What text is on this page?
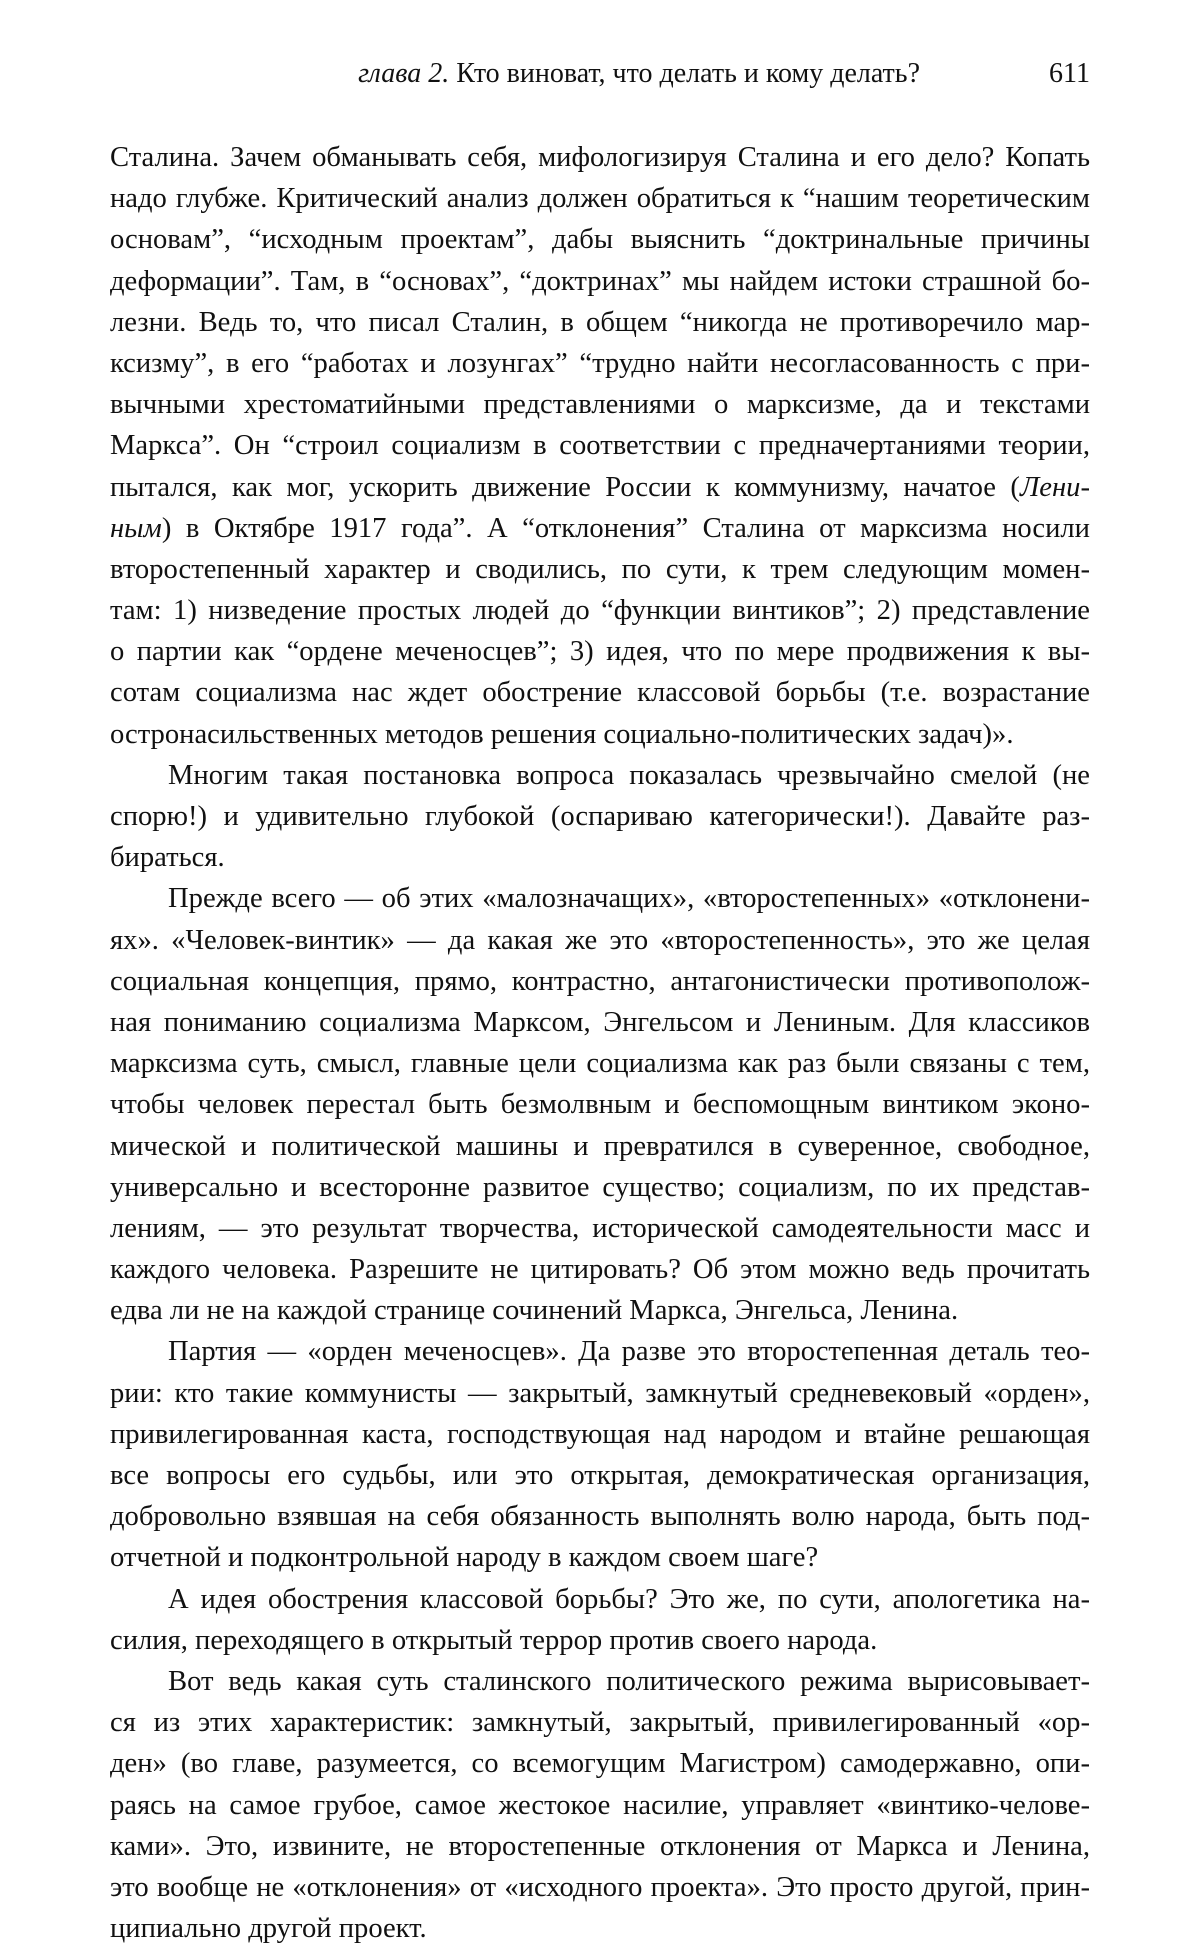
глава 2. Кто виноват, что делать и кому делать?	611
Сталина. Зачем обманывать себя, мифологизируя Сталина и его дело? Копать
надо глубже. Критический анализ должен обратиться к “нашим теоретическим
основам”, “исходным проектам”, дабы выяснить “доктринальные причины
деформации”. Там, в “основах”, “доктринах” мы найдем истоки страшной бо-
лезни. Ведь то, что писал Сталин, в общем “никогда не противоречило мар-
ксизму”, в его “работах и лозунгах” “трудно найти несогласованность с при-
вычными хрестоматийными представлениями о марксизме, да и текстами
Маркса”. Он “строил социализм в соответствии с предначертаниями теории,
пытался, как мог, ускорить движение России к коммунизму, начатое (Лени-
ным) в Октябре 1917 года”. А “отклонения” Сталина от марксизма носили
второстепенный характер и сводились, по сути, к трем следующим момен-
там: 1) низведение простых людей до “функции винтиков”; 2) представление
о партии как “ордене меченосцев”; 3) идея, что по мере продвижения к вы-
сотам социализма нас ждет обострение классовой борьбы (т.е. возрастание
остронасильственных методов решения социально-политических задач)».
Многим такая постановка вопроса показалась чрезвычайно смелой (не
спорю!) и удивительно глубокой (оспариваю категорически!). Давайте раз-
бираться.
Прежде всего — об этих «малозначащих», «второстепенных» «отклонени-
ях». «Человек-винтик» — да какая же это «второстепенность», это же целая
социальная концепция, прямо, контрастно, антагонистически противополож-
ная пониманию социализма Марксом, Энгельсом и Лениным. Для классиков
марксизма суть, смысл, главные цели социализма как раз были связаны с тем,
чтобы человек перестал быть безмолвным и беспомощным винтиком эконо-
мической и политической машины и превратился в суверенное, свободное,
универсально и всесторонне развитое существо; социализм, по их представ-
лениям, — это результат творчества, исторической самодеятельности масс и
каждого человека. Разрешите не цитировать? Об этом можно ведь прочитать
едва ли не на каждой странице сочинений Маркса, Энгельса, Ленина.
Партия — «орден меченосцев». Да разве это второстепенная деталь тео-
рии: кто такие коммунисты — закрытый, замкнутый средневековый «орден»,
привилегированная каста, господствующая над народом и втайне решающая
все вопросы его судьбы, или это открытая, демократическая организация,
добровольно взявшая на себя обязанность выполнять волю народа, быть под-
отчетной и подконтрольной народу в каждом своем шаге?
А идея обострения классовой борьбы? Это же, по сути, апологетика на-
силия, переходящего в открытый террор против своего народа.
Вот ведь какая суть сталинского политического режима вырисовывает-
ся из этих характеристик: замкнутый, закрытый, привилегированный «ор-
ден» (во главе, разумеется, со всемогущим Магистром) самодержавно, опи-
раясь на самое грубое, самое жестокое насилие, управляет «винтико-челове-
ками». Это, извините, не второстепенные отклонения от Маркса и Ленина,
это вообще не «отклонения» от «исходного проекта». Это просто другой, прин-
ципиально другой проект.
